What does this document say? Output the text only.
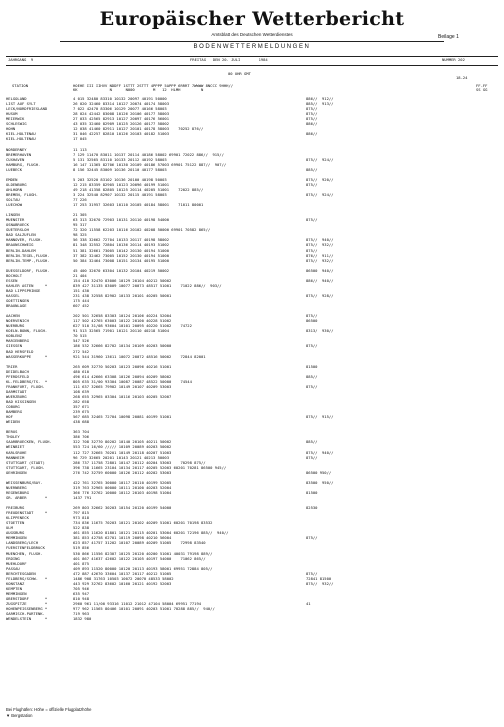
Europäischer Wetterbericht
Amtsblatt des Deutschen Wetterdienstes	Beilage 1
BODENWETTERMELDUNGEN
JAHRGANG  9	FREITAG   DEN 20. JULI        1984	NUMMER 202
00 UHR GMT
18-24
STATION	HOEHE III IIHVV NDDFF 1STTT 2STTT 4PPPP 5APPP 6RRRT 7WWWW 8NCCC 9HHH//
KK              N      N000        M   12  HLMH         N
FF-FF
SS GG
HELGOLAND	4 015 32480 83310 10132 20097 40191 50000	886//  912//
LIST AUF SYLT	26 020 32460 83314 10127 20074 40174 58003	885//  913//
LECK/NORDFRIESLAND	7 022 42470 83306 10129 20077 40166 58003	875//
HUSUM	28 024 42442 83008 10126 20106 40177 58003	875//
MEIERWIK	27 033 42565 82913 10127 20097 40176 56001	875//
SCHLESWIG	43 035 32460 82909 10125 20126 40177 58002	886//
HOHN	12 038 41460 82911 10127 20101 40178 58003    70252 876//
KIEL-HOLTENAU	31 046 42257 82810 10126 20103 40182 51003	886//
KIEL-HOLTENAU	17 045
NORDERNEY	11 113
BREMERHAVEN	7 129 11470 83011 10137 20114 40186 58002 69901 72022 886//  915//
CUXHAVEN	5 131 32565 83110 10133 20112 40192 58003	875//  924//
HAMBURG, FLUGH.	16 147 11365 82706 10130 20109 40186 57003 69901 75122 887//  907//
LUEBECK	8 156 32445 83009 10136 20110 40177 58003	885//
EMDEN	5 203 32520 83102 10136 20100 40198 50003	875//  920//
OLDENBURG	12 215 83359 82905 10123 20096 40199 51001	875//
AHLHORN	49 218 41358 82805 10125 20114 40205 51001    72022 885//
BREMEN, FLUGH.	3 224 32540 82907 10132 20115 40191 58003	875//  924//
SOLTAU	77 226
LUECHOW	17 253 31957 32603 10110 20105 40184 58001    71011 80001
LINGEN	21 305
MUENSTER	63 313 32670 72903 10131 20110 40198 54000	875//
OSNABRUECK	95 317
GUETERSLOH	72 320 11558 62203 10116 20102 40208 50000 69901 70582 865//
BAD SALZUFLEN	98 325
HANNOVER, FLUGH.	56 338 32662 72704 10133 20117 40198 58002	875//  940//
BRAUNSCHWEIG	81 348 32552 72804 10136 20114 40193 51002	875//  932//
BERLIN-DAHLEM	51 381 32661 73005 10142 20130 40194 51000	875//
BERLIN-TEGEL,FLUGH.	37 382 32462 73005 10152 20130 40194 51000	876//  911//
BERLIN-TEMP.,FLUGH.	50 384 32464 73008 10151 20134 40195 51000	875//  932//
DUESSELDORF, FLUGH.	45 400 32670 63304 10132 20104 40219 50002	86500  940//
BOCHOLT	21 404
ESSEN	154 410 32470 83006 10129 20104 40212 50002	886//  940//
KAHLER ASTEN     *	839 427 31135 83009 10077 20073 48517 51001    71022 886//  903//
BAD LIPPSPRINGE	151 430
KASSEL	231 438 32558 82902 10133 20101 40205 50001	875//  928//
GOETTINGEN	175 444
BRAUNLAGE	607 452
AACHEN	202 501 32658 83303 10124 20106 40224 52004	875//
NOERVENICH	117 502 42765 63003 10122 20100 40228 51002	86500
NUERBURG	627 510 31/08 93604 10101 20095 40220 51002    74722
KOELN-BONN, FLUGH.	91 513 32565 71901 10121 20110 40218 51004	8313/  930//
KOBLENZ	70 515
MARIENBERG	547 526
GIESSEN	186 532 32666 82702 10134 20109 40203 50000	875//
BAD HERSFELD	272 542
WASSERKUPPE      *	921 544 31960 13611 10072 20072 48516 50002    72844 82001
TRIER	265 609 32770 50203 10123 20096 40216 51001	81500
DEIDELBACH	480 610
PFERDSFELD	496 614 42666 63308 10126 20094 40209 58002	885//
KL.FELDBERG/TS.  *	805 635 31/00 93304 10087 20087 48522 50000    74544
FRANKFURT, FLUGH.	111 637 32665 79902 10149 20107 40209 53003	875//
DARMSTADT	108 639
WUERZBURG	268 655 32965 03304 10116 20103 40205 52007
BAD KISSINGEN	282 658
COBURG	357 671
BAMBERG	239 675
HOF	567 685 32465 72704 10098 20081 40199 51001	875//  915//
WEIDEN	438 688
BERUS	363 704
THOLEY	386 706
SAARBRUECKEN, FLUGH.	322 708 32770 80202 10140 20105 40211 50002	885//
WEINBIET	553 724 16/60 ///// 10109 20089 40203 50002
KARLSRUHE	112 727 32665 70201 10149 20118 40207 51003	875//  940//
MANNHEIM	96 729 32665 20201 10143 20121 40213 50003	875//
STUTTGART (STADT)	286 737 11758 72801 10147 20112 40204 53003    70298 875//
STUTTGART, FLUGH.	396 738 11665 23104 10134 20117 40205 52003 60201 70281 86500 945//
OEHRINGEN	276 742 32759 60000 10126 20112 40202 53003	86500 950//
WEISSENBURG/BAY.	422 761 32765 30000 10117 20110 40199 52005	83500  950//
NUERNBERG	319 763 32965 00000 10111 20100 40203 52004
REGENSBURG	366 776 32762 10000 10112 20103 40198 51004	81500
GR. ARBER        *	1437 791
FREIBURG	269 803 32662 30203 10154 20120 40199 54000	82530
FREUDENSTADT     *	797 815
KLIPPENECK	973 818
STOETTEN	734 836 11675 70203 10121 20102 40209 51001 60201 70198 83532
ULM	522 838
AUGSBURG	461 855 11620 81801 10121 20115 40201 53004 60201 72196 885//  940//
MEMMINGEN	381 853 42758 62701 10119 20098 40210 56004	875//
LANDSBERG/LECH	623 857 41757 31202 10107 20089 40209 51005    72998 83540
FUERSTENFELDBRUCK	519 856
MUENCHEN, FLUGH.	530 866 11556 82307 10125 20120 40200 51001 40031 79198 889//
ERDING	401 867 41637 42602 10122 20105 40197 54000    71062 865//
MUEHLDORF	401 875
PASSAU	409 893 11520 80000 10120 20113 40193 58001 69951 72884 805//
BERCHTESGADEN	472 887 42670 33604 10137 20117 40212 51005	875//
FELDBERG/SCHW.   *	1486 908 31763 10503 10072 20070 48533 58002	72841 81500
KONSTANZ	443 929 32762 83602 10160 20121 40192 52003	875//  932//
KEMPTEN	705 946
MEMMINGEN	635 947
OBERSTDORF       *	810 948
ZUGSPITZE        *	2960 961 11/00 93316 11012 21012 47104 58004 69951 77194	41
HOHENPEISSENBERG *	977 962 11565 80406 10101 20091 40203 51001 70288 885//  940//
GARMISCH-PARTENK.	719 963
WENDELSTEIN      *	1832 980
Bei Flughäfen: Höhe = offizielle Flugplatzhöhe
▼ Bergstation
